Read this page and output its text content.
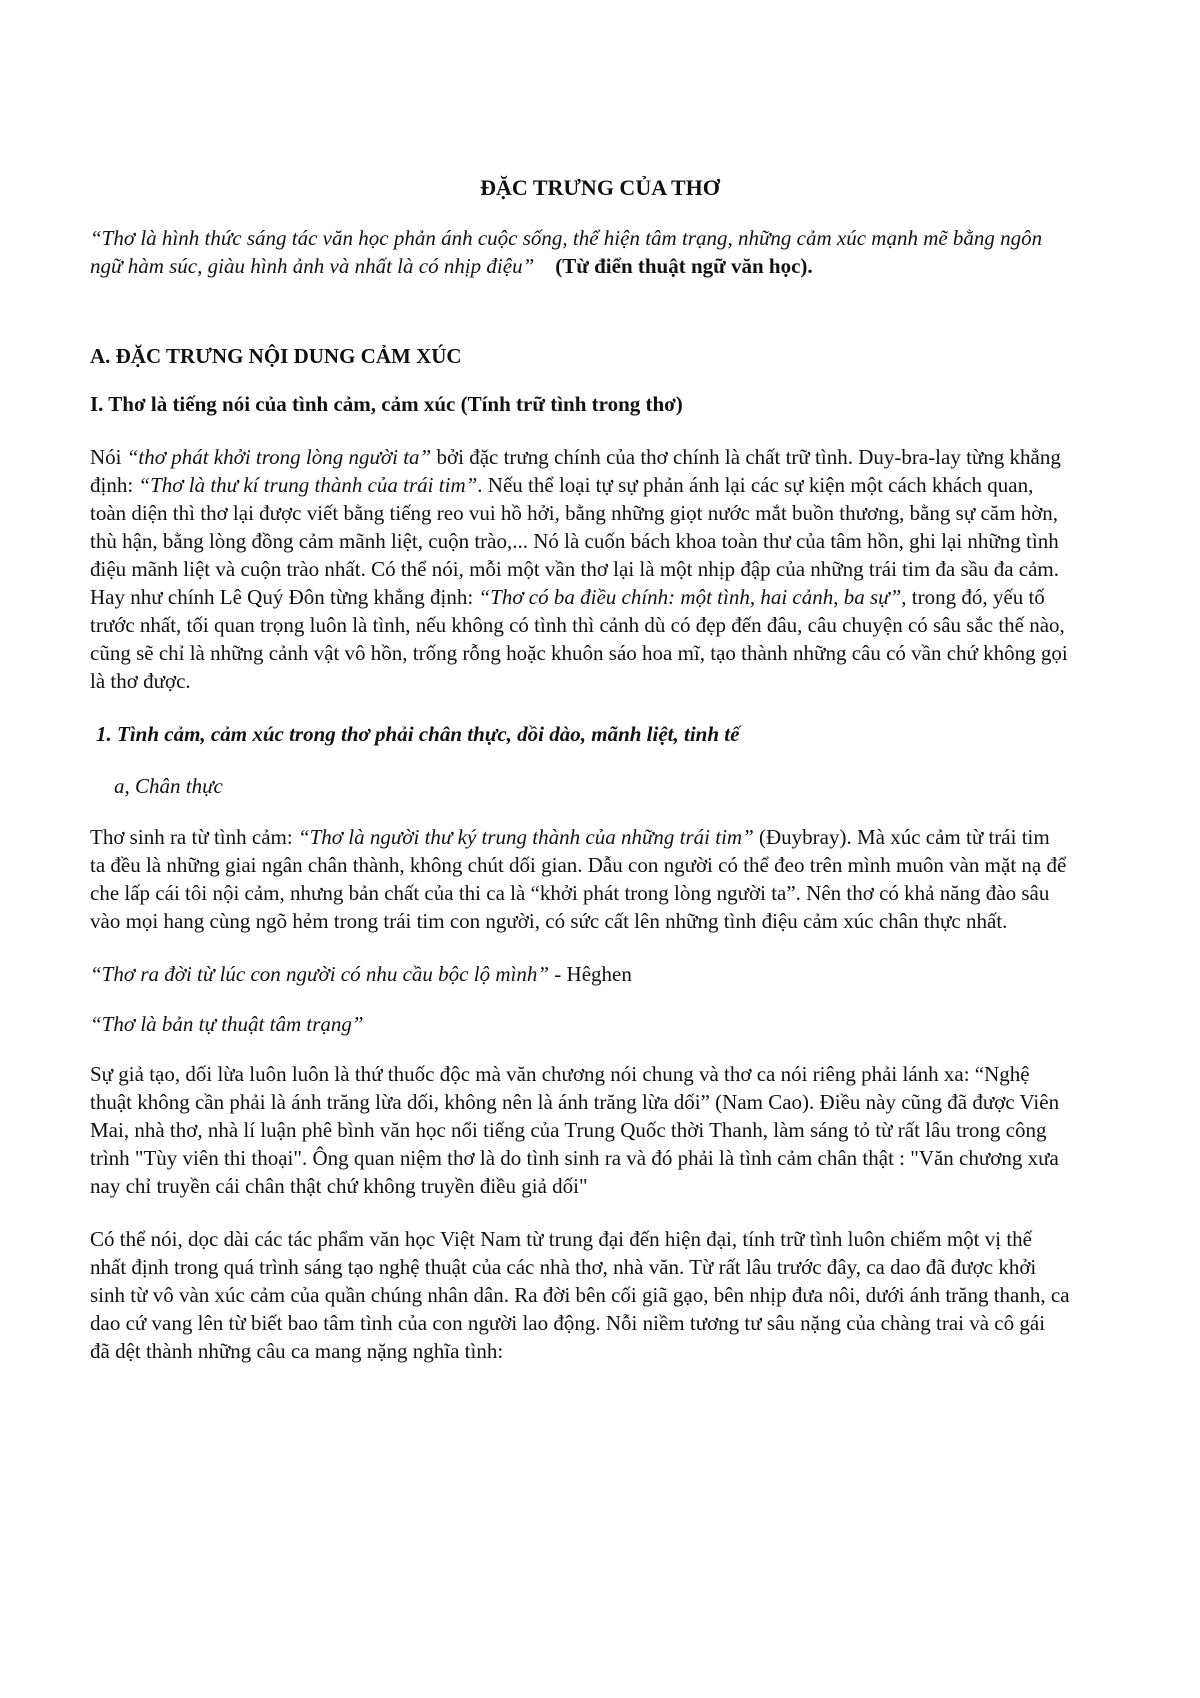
ĐẶC TRƯNG CỦA THƠ

“Thơ là hình thức sáng tác văn học phản ánh cuộc sống, thể hiện tâm trạng, những cảm xúc mạnh mẽ bằng ngôn ngữ hàm súc, giàu hình ảnh và nhất là có nhịp điệu” (Từ điển thuật ngữ văn học).

A. ĐẶC TRƯNG NỘI DUNG CẢM XÚC
I. Thơ là tiếng nói của tình cảm, cảm xúc (Tính trữ tình trong thơ)

Nói “thơ phát khởi trong lòng người ta” bởi đặc trưng chính của thơ chính là chất trữ tình. Duy-bra-lay từng khẳng định: “Thơ là thư kí trung thành của trái tim”. Nếu thể loại tự sự phản ánh lại các sự kiện một cách khách quan, toàn diện thì thơ lại được viết bằng tiếng reo vui hồ hởi, bằng những giọt nước mắt buồn thương, bằng sự căm hờn, thù hận, bằng lòng đồng cảm mãnh liệt, cuộn trào,... Nó là cuốn bách khoa toàn thư của tâm hồn, ghi lại những tình điệu mãnh liệt và cuộn trào nhất. Có thể nói, mỗi một vần thơ lại là một nhịp đập của những trái tim đa sầu đa cảm. Hay như chính Lê Quý Đôn từng khẳng định: “Thơ có ba điều chính: một tình, hai cảnh, ba sự”, trong đó, yếu tố trước nhất, tối quan trọng luôn là tình, nếu không có tình thì cảnh dù có đẹp đến đâu, câu chuyện có sâu sắc thế nào, cũng sẽ chỉ là những cảnh vật vô hồn, trống rỗng hoặc khuôn sáo hoa mĩ, tạo thành những câu có vần chứ không gọi là thơ được.

1. Tình cảm, cảm xúc trong thơ phải chân thực, dồi dào, mãnh liệt, tinh tế
a, Chân thực

Thơ sinh ra từ tình cảm: “Thơ là người thư ký trung thành của những trái tim” (Đuybray). Mà xúc cảm từ trái tim ta đều là những giai ngân chân thành, không chút dối gian. Dẫu con người có thể đeo trên mình muôn vàn mặt nạ để che lấp cái tôi nội cảm, nhưng bản chất của thi ca là “khởi phát trong lòng người ta”. Nên thơ có khả năng đào sâu vào mọi hang cùng ngõ hẻm trong trái tim con người, có sức cất lên những tình điệu cảm xúc chân thực nhất.

“Thơ ra đời từ lúc con người có nhu cầu bộc lộ mình” - Hêghen

“Thơ là bản tự thuật tâm trạng”

Sự giả tạo, dối lừa luôn luôn là thứ thuốc độc mà văn chương nói chung và thơ ca nói riêng phải lánh xa: “Nghệ thuật không cần phải là ánh trăng lừa dối, không nên là ánh trăng lừa dối” (Nam Cao). Điều này cũng đã được Viên Mai, nhà thơ, nhà lí luận phê bình văn học nổi tiếng của Trung Quốc thời Thanh, làm sáng tỏ từ rất lâu trong công trình "Tùy viên thi thoại". Ông quan niệm thơ là do tình sinh ra và đó phải là tình cảm chân thật : "Văn chương xưa nay chỉ truyền cái chân thật chứ không truyền điều giả dối"

Có thể nói, dọc dài các tác phẩm văn học Việt Nam từ trung đại đến hiện đại, tính trữ tình luôn chiếm một vị thế nhất định trong quá trình sáng tạo nghệ thuật của các nhà thơ, nhà văn. Từ rất lâu trước đây, ca dao đã được khởi sinh từ vô vàn xúc cảm của quần chúng nhân dân. Ra đời bên cối giã gạo, bên nhịp đưa nôi, dưới ánh trăng thanh, ca dao cứ vang lên từ biết bao tâm tình của con người lao động. Nỗi niềm tương tư sâu nặng của chàng trai và cô gái đã dệt thành những câu ca mang nặng nghĩa tình:
